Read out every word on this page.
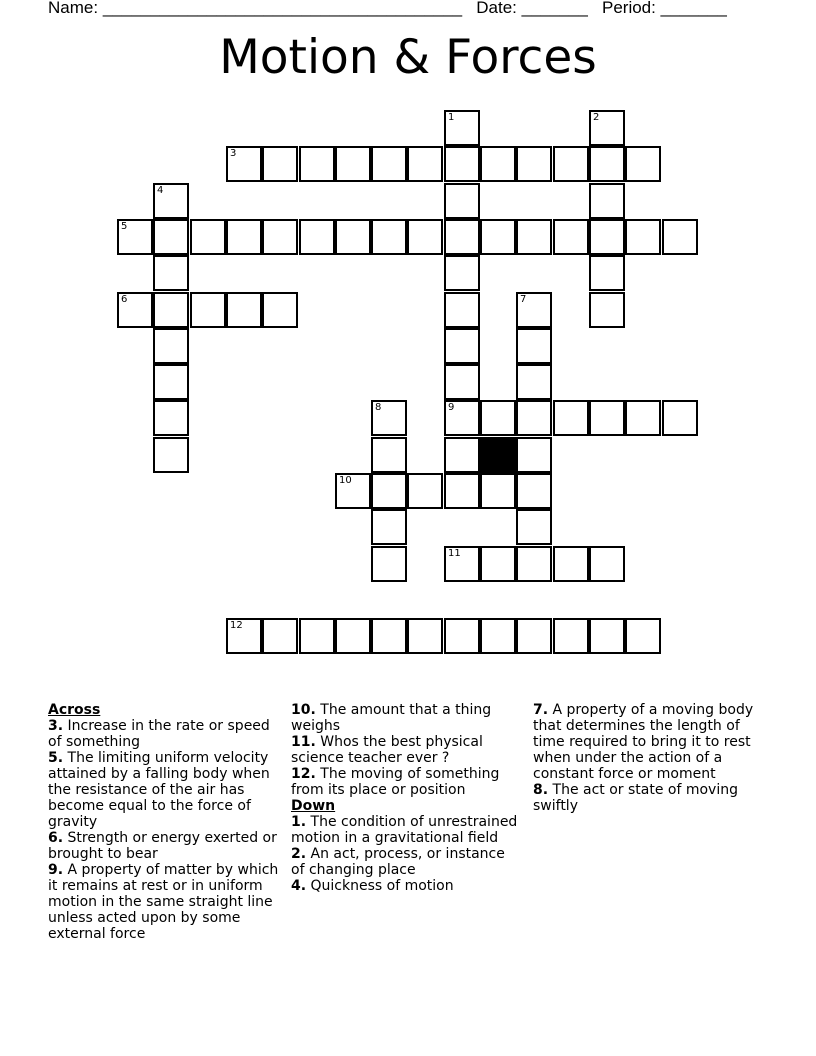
Name: ______________________________________ Date: _______ Period: _______
Motion & Forces
1	2
3
4
5
6	7
8	9
10
11
12
Across

3. Increase in the rate or speed of something

5. The limiting uniform velocity attained by a falling body when the resistance of the air has become equal to the force of gravity

6. Strength or energy exerted or brought to bear

9. A property of matter by which it remains at rest or in uniform motion in the same straight line unless acted upon by some external force

10. The amount that a thing weighs

11. Whos the best physical science teacher ever ?

12. The moving of something from its place or position

Down

1. The condition of unrestrained motion in a gravitational field

2. An act, process, or instance of changing place

4. Quickness of motion

7. A property of a moving body that determines the length of time required to bring it to rest when under the action of a constant force or moment

8. The act or state of moving swiftly
